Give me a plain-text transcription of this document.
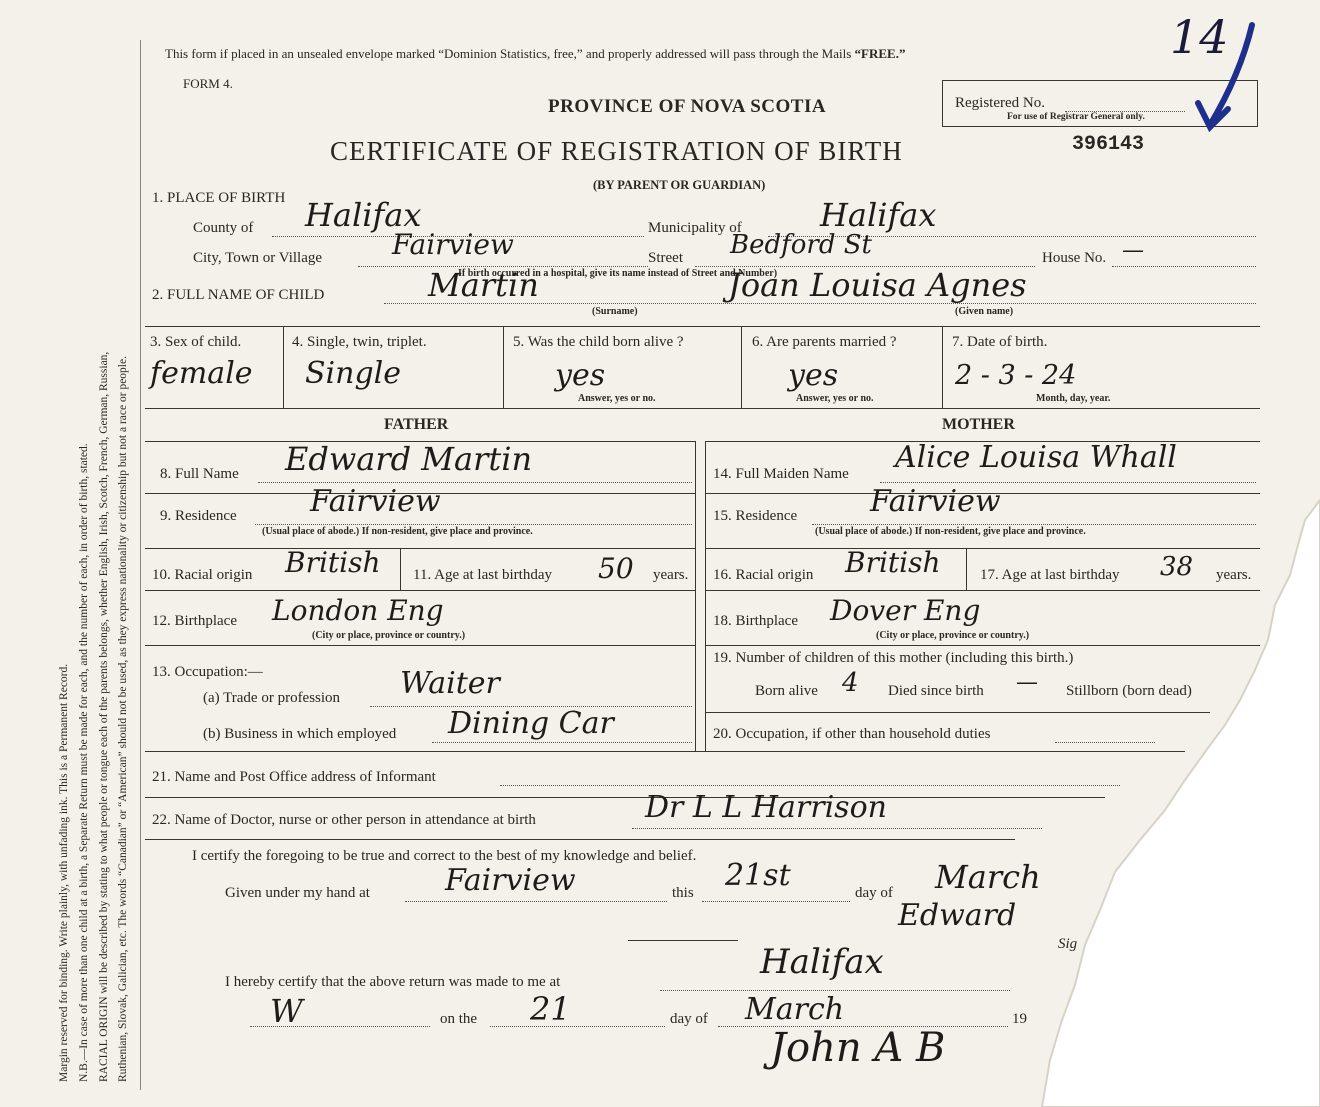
Margin reserved for binding. Write plainly, with unfading ink. This is a Permanent Record. N.B.—In case of more than one child at a birth, a Separate Return must be made for each, and the number of each, in order of birth, stated. RACIAL ORIGIN will be described by stating to what people or tongue each of the parents belongs, whether English, Irish, Scotch, French, German, Russian, Ruthenian, Slovak, Galician, etc. The words “Canadian” or “American” should not be used, as they express nationality or citizenship but not a race or people.
This form if placed in an unsealed envelope marked “Dominion Statistics, free,” and properly addressed will pass through the Mails “FREE.”
FORM 4.
PROVINCE OF NOVA SCOTIA
CERTIFICATE OF REGISTRATION OF BIRTH	396143
(BY PARENT OR GUARDIAN)
Registered No.
For use of Registrar General only.
14
1. PLACE OF BIRTH
County of Halifax	Municipality of Halifax
City, Town or Village Fairview	Street Bedford St	House No. —
If birth occurred in a hospital, give its name instead of Street and Number)
2. FULL NAME OF CHILD	Martin	Joan Louisa Agnes
(Surname)	(Given name)
3. Sex of child.
female
4. Single, twin, triplet.
Single
5. Was the child born alive ?
yes
Answer, yes or no.
6. Are parents married ?
yes
Answer, yes or no.
7. Date of birth.
2 - 3 - 24
Month, day, year.
FATHER	MOTHER
8. Full Name Edward Martin
9. Residence Fairview
(Usual place of abode.) If non-resident, give place and province.
10. Racial origin British 11. Age at last birthday 50 years.
12. Birthplace London Eng
(City or place, province or country.)
13. Occupation:—
(a) Trade or profession Waiter
(b) Business in which employed Dining Car
14. Full Maiden Name Alice Louisa Whall
15. Residence Fairview
(Usual place of abode.) If non-resident, give place and province.
16. Racial origin British	17. Age at last birthday 38 years.
18. Birthplace Dover Eng
(City or place, province or country.)
19. Number of children of this mother (including this birth.)
Born alive 4 Died since birth — Stillborn (born dead)
20. Occupation, if other than household duties
21. Name and Post Office address of Informant
22. Name of Doctor, nurse or other person in attendance at birth	Dr L L Harrison
I certify the foregoing to be true and correct to the best of my knowledge and belief.
Given under my hand at	Fairview	this 21st	day of March
Edward
Sig
I hereby certify that the above return was made to me at	Halifax
W	on the 21	day of March	19
John A B
